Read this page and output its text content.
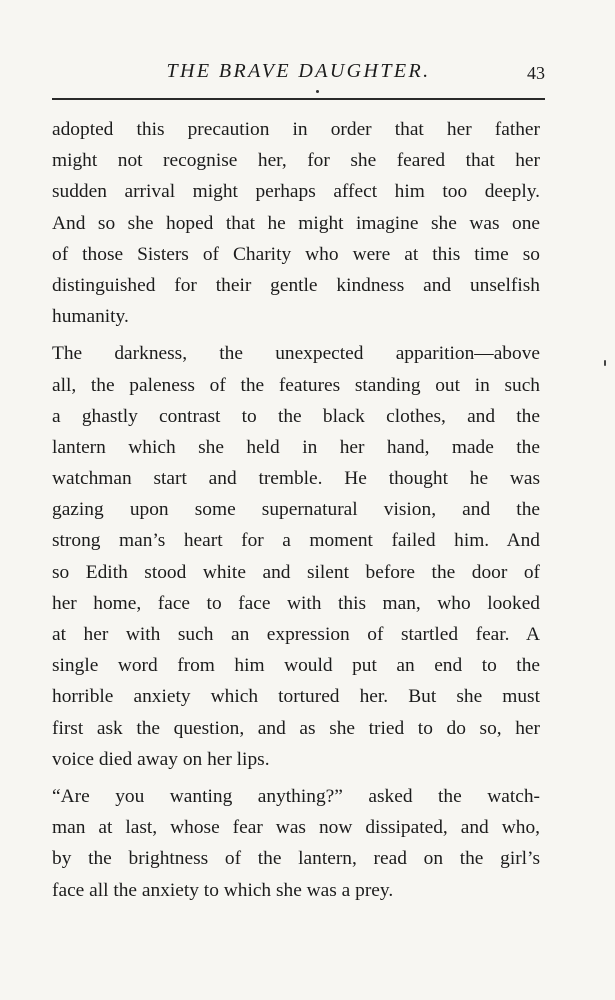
THE BRAVE DAUGHTER.	43
adopted this precaution in order that her father
might not recognise her, for she feared that her
sudden arrival might perhaps affect him too deeply.
And so she hoped that he might imagine she was one
of those Sisters of Charity who were at this time so
distinguished for their gentle kindness and unselfish
humanity.
The darkness, the unexpected apparition—above
all, the paleness of the features standing out in such
a ghastly contrast to the black clothes, and the
lantern which she held in her hand, made the
watchman start and tremble. He thought he was
gazing upon some supernatural vision, and the
strong man’s heart for a moment failed him. And
so Edith stood white and silent before the door of
her home, face to face with this man, who looked
at her with such an expression of startled fear. A
single word from him would put an end to the
horrible anxiety which tortured her. But she must
first ask the question, and as she tried to do so, her
voice died away on her lips.
“Are you wanting anything?” asked the watch-
man at last, whose fear was now dissipated, and who,
by the brightness of the lantern, read on the girl’s
face all the anxiety to which she was a prey.
